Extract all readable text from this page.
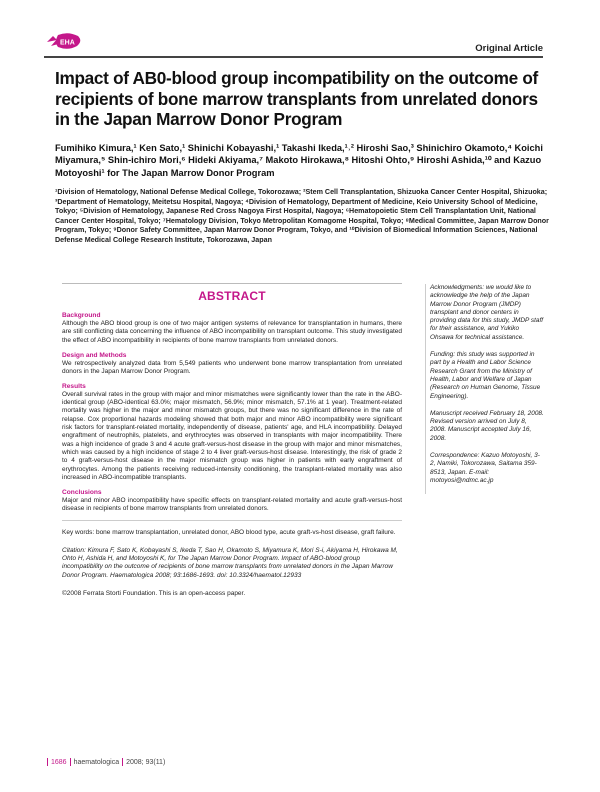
EHA	Original Article
Impact of AB0-blood group incompatibility on the outcome of recipients of bone marrow transplants from unrelated donors in the Japan Marrow Donor Program

Fumihiko Kimura,¹ Ken Sato,¹ Shinichi Kobayashi,¹ Takashi Ikeda,¹˒² Hiroshi Sao,³ Shinichiro Okamoto,⁴ Koichi Miyamura,⁵ Shin-ichiro Mori,⁶ Hideki Akiyama,⁷ Makoto Hirokawa,⁸ Hitoshi Ohto,⁹ Hiroshi Ashida,¹⁰ and Kazuo Motoyoshi¹ for The Japan Marrow Donor Program

¹Division of Hematology, National Defense Medical College, Tokorozawa; ²Stem Cell Transplantation, Shizuoka Cancer Center Hospital, Shizuoka; ³Department of Hematology, Meitetsu Hospital, Nagoya; ⁴Division of Hematology, Department of Medicine, Keio University School of Medicine, Tokyo; ⁵Division of Hematology, Japanese Red Cross Nagoya First Hospital, Nagoya; ⁶Hematopoietic Stem Cell Transplantation Unit, National Cancer Center Hospital, Tokyo; ⁷Hematology Division, Tokyo Metropolitan Komagome Hospital, Tokyo; ⁸Medical Committee, Japan Marrow Donor Program, Tokyo; ⁹Donor Safety Committee, Japan Marrow Donor Program, Tokyo, and ¹⁰Division of Biomedical Information Sciences, National Defense Medical College Research Institute, Tokorozawa, Japan

ABSTRACT
Background

Although the ABO blood group is one of two major antigen systems of relevance for transplantation in humans, there are still conflicting data concerning the influence of ABO incompatibility on transplant outcome. This study investigated the effect of ABO incompatibility in recipients of bone marrow transplants from unrelated donors.

Design and Methods

We retrospectively analyzed data from 5,549 patients who underwent bone marrow transplantation from unrelated donors in the Japan Marrow Donor Program.

Results

Overall survival rates in the group with major and minor mismatches were significantly lower than the rate in the ABO-identical group (ABO-identical 63.0%; major mismatch, 56.9%; minor mismatch, 57.1% at 1 year). Treatment-related mortality was higher in the major and minor mismatch groups, but there was no significant difference in the rate of relapse. Cox proportional hazards modeling showed that both major and minor ABO incompatibility were significant risk factors for transplant-related mortality, independently of disease, patients' age, and HLA incompatibility. Delayed engraftment of neutrophils, platelets, and erythrocytes was observed in transplants with major incompatibility. There was a high incidence of grade 3 and 4 acute graft-versus-host disease in the group with major and minor mismatches, which was caused by a high incidence of stage 2 to 4 liver graft-versus-host disease. Interestingly, the risk of grade 2 to 4 graft-versus-host disease in the major mismatch group was higher in patients with early engraftment of erythrocytes. Among the patients receiving reduced-intensity conditioning, the transplant-related mortality was also increased in ABO-incompatible transplants.

Conclusions

Major and minor ABO incompatibility have specific effects on transplant-related mortality and acute graft-versus-host disease in recipients of bone marrow transplants from unrelated donors.

Key words: bone marrow transplantation, unrelated donor, ABO blood type, acute graft-vs-host disease, graft failure.

Citation: Kimura F, Sato K, Kobayashi S, Ikeda T, Sao H, Okamoto S, Miyamura K, Mori S-i, Akiyama H, Hirokawa M, Ohto H, Ashida H, and Motoyoshi K, for The Japan Marrow Donor Program. Impact of ABO-blood group incompatibility on the outcome of recipients of bone marrow transplants from unrelated donors in the Japan Marrow Donor Program. Haematologica 2008; 93:1686-1693. doi: 10.3324/haematol.12933

©2008 Ferrata Storti Foundation. This is an open-access paper.

Acknowledgments: we would like to acknowledge the help of the Japan Marrow Donor Program (JMDP) transplant and donor centers in providing data for this study, JMDP staff for their assistance, and Yukiko Ohsawa for technical assistance.

Funding: this study was supported in part by a Health and Labor Science Research Grant from the Ministry of Health, Labor and Welfare of Japan (Research on Human Genome, Tissue Engineering).

Manuscript received February 18, 2008. Revised version arrived on July 8, 2008. Manuscript accepted July 16, 2008.

Correspondence: Kazuo Motoyoshi, 3-2, Namiki, Tokorozawa, Saitama 359-8513, Japan. E-mail: motoyosi@ndmc.ac.jp

1686 haematologica 2008; 93(11)
